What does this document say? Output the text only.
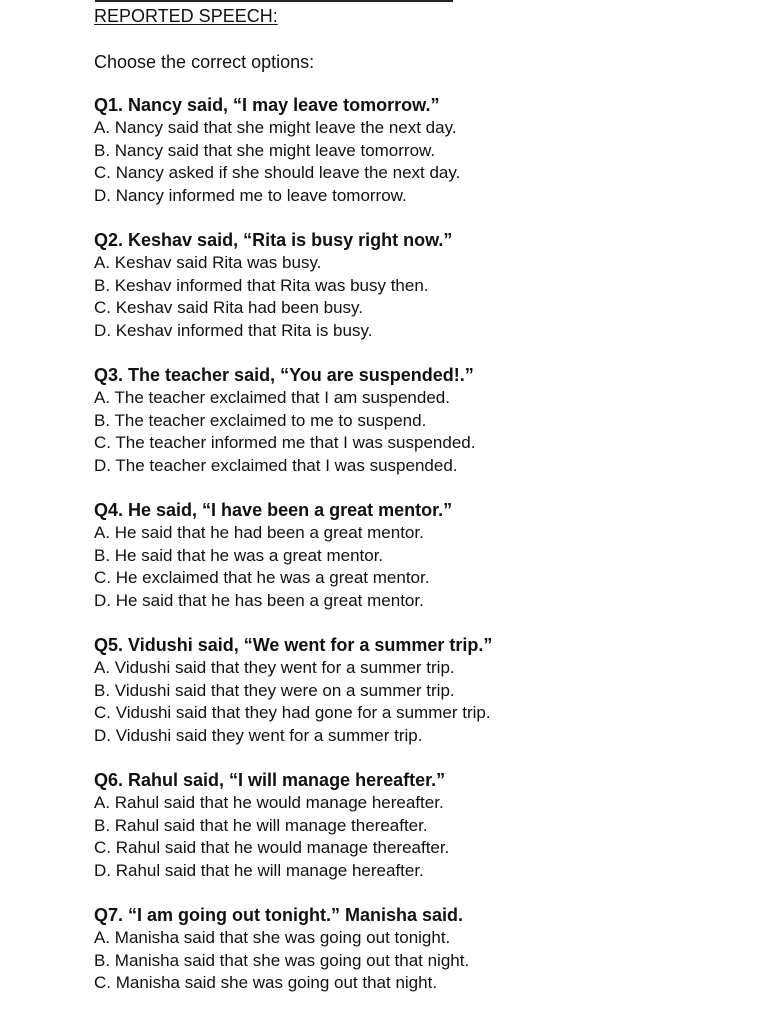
REPORTED SPEECH:
Choose the correct options:
Q1. Nancy said, “I may leave tomorrow.”
A. Nancy said that she might leave the next day.
B. Nancy said that she might leave tomorrow.
C. Nancy asked if she should leave the next day.
D. Nancy informed me to leave tomorrow.
Q2. Keshav said, “Rita is busy right now.”
A. Keshav said Rita was busy.
B. Keshav informed that Rita was busy then.
C. Keshav said Rita had been busy.
D. Keshav informed that Rita is busy.
Q3. The teacher said, “You are suspended!.”
A. The teacher exclaimed that I am suspended.
B. The teacher exclaimed to me to suspend.
C. The teacher informed me that I was suspended.
D. The teacher exclaimed that I was suspended.
Q4. He said, “I have been a great mentor.”
A. He said that he had been a great mentor.
B. He said that he was a great mentor.
C. He exclaimed that he was a great mentor.
D. He said that he has been a great mentor.
Q5. Vidushi said, “We went for a summer trip.”
A. Vidushi said that they went for a summer trip.
B. Vidushi said that they were on a summer trip.
C. Vidushi said that they had gone for a summer trip.
D. Vidushi said they went for a summer trip.
Q6. Rahul said, “I will manage hereafter.”
A. Rahul said that he would manage hereafter.
B. Rahul said that he will manage thereafter.
C. Rahul said that he would manage thereafter.
D. Rahul said that he will manage hereafter.
Q7. “I am going out tonight.” Manisha said.
A. Manisha said that she was going out tonight.
B. Manisha said that she was going out that night.
C. Manisha said she was going out that night.
